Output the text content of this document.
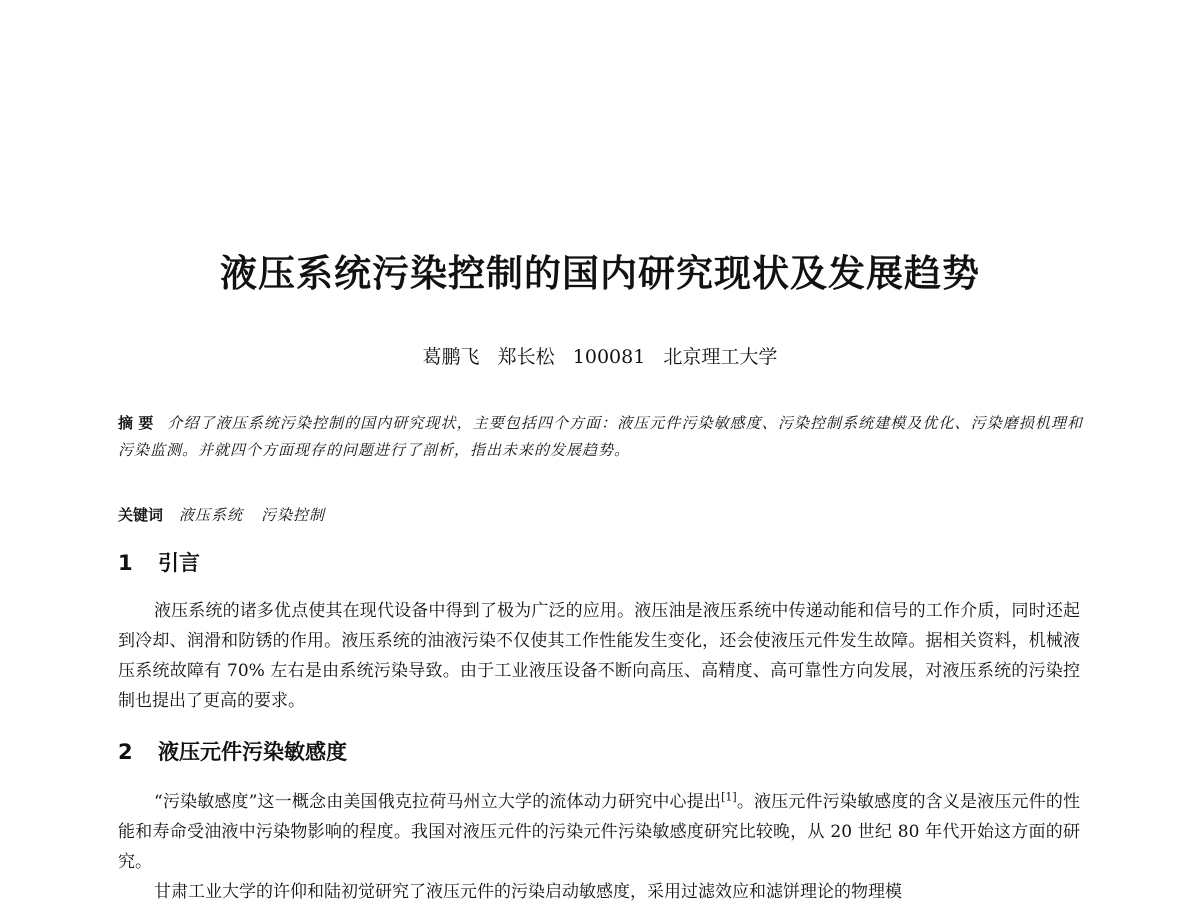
液压系统污染控制的国内研究现状及发展趋势
葛鹏飞   郑长松   100081   北京理工大学
摘 要 介绍了液压系统污染控制的国内研究现状，主要包括四个方面：液压元件污染敏感度、污染控制系统建模及优化、污染磨损机理和污染监测。并就四个方面现存的问题进行了剖析，指出未来的发展趋势。
关键词 液压系统 污染控制
1 引言
液压系统的诸多优点使其在现代设备中得到了极为广泛的应用。液压油是液压系统中传递动能和信号的工作介质，同时还起到冷却、润滑和防锈的作用。液压系统的油液污染不仅使其工作性能发生变化，还会使液压元件发生故障。据相关资料，机械液压系统故障有 70% 左右是由系统污染导致。由于工业液压设备不断向高压、高精度、高可靠性方向发展，对液压系统的污染控制也提出了更高的要求。
2 液压元件污染敏感度
“污染敏感度”这一概念由美国俄克拉荷马州立大学的流体动力研究中心提出[1]。液压元件污染敏感度的含义是液压元件的性能和寿命受油液中污染物影响的程度。我国对液压元件的污染元件污染敏感度研究比较晚，从 20 世纪 80 年代开始这方面的研究。
甘肃工业大学的许仰和陆初觉研究了液压元件的污染启动敏感度，采用过滤效应和滤饼理论的物理模
